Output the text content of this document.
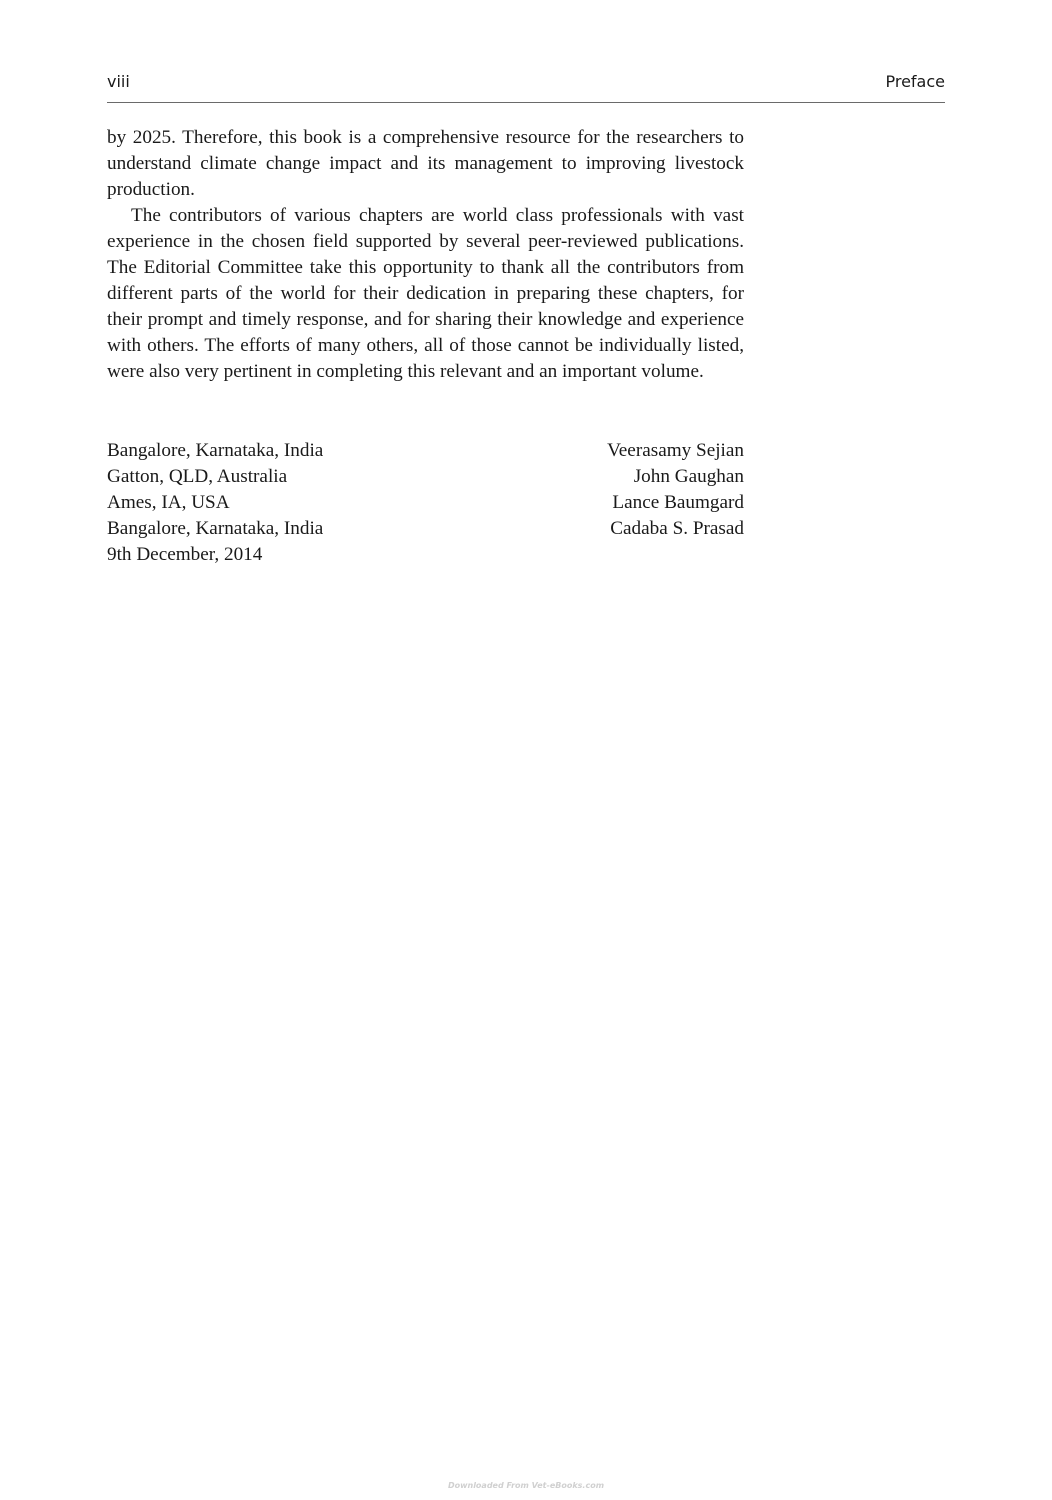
viii	Preface

by 2025. Therefore, this book is a comprehensive resource for the researchers to understand climate change impact and its management to improving livestock production.

The contributors of various chapters are world class professionals with vast experience in the chosen field supported by several peer-reviewed publications. The Editorial Committee take this opportunity to thank all the contributors from different parts of the world for their dedication in preparing these chapters, for their prompt and timely response, and for sharing their knowledge and experience with others. The efforts of many others, all of those cannot be individually listed, were also very pertinent in completing this relevant and an important volume.

Bangalore, Karnataka, India	Veerasamy Sejian
Gatton, QLD, Australia	John Gaughan
Ames, IA, USA	Lance Baumgard
Bangalore, Karnataka, India	Cadaba S. Prasad
9th December, 2014
Downloaded From Vet-eBooks.com
